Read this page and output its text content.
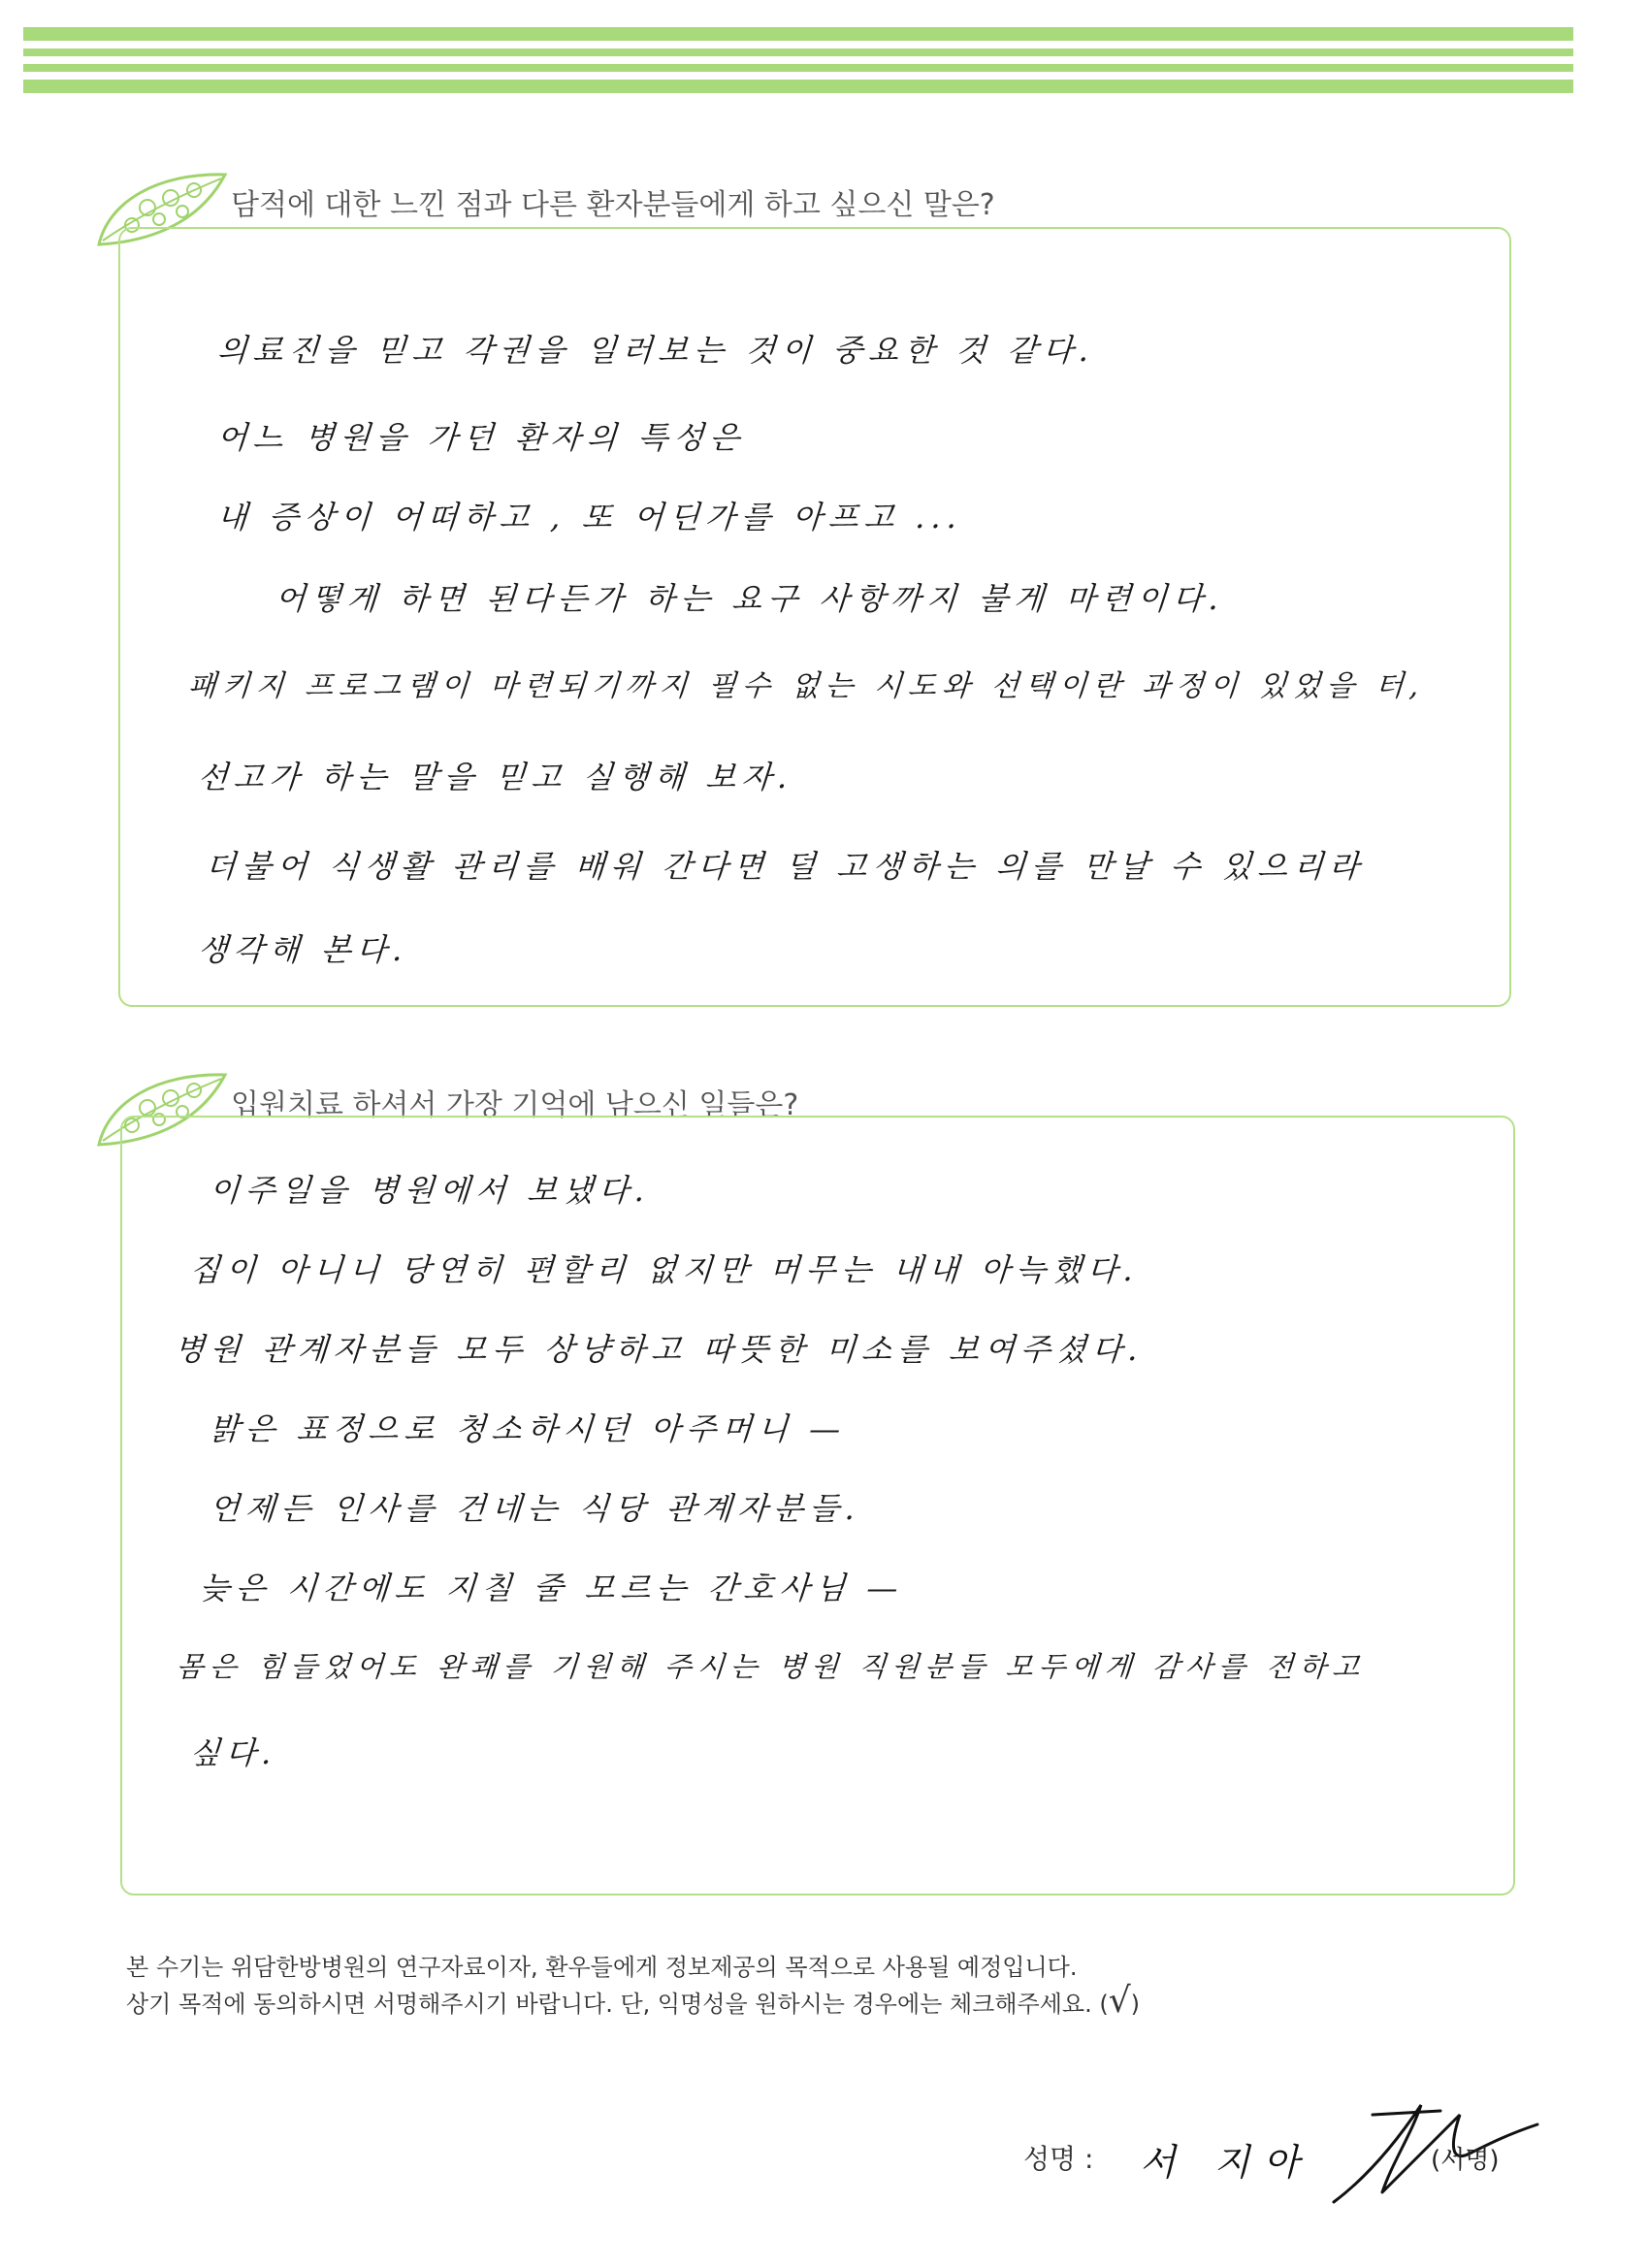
담적에 대한 느낀 점과 다른 환자분들에게 하고 싶으신 말은?
의료진을 믿고 각권을 일러보는 것이 중요한 것 같다.
어느 병원을 가던 환자의 특성은
내 증상이 어떠하고 , 또 어딘가를 아프고 ...
어떻게 하면 된다든가 하는 요구 사항까지 불게 마련이다.
패키지 프로그램이 마련되기까지 필수 없는 시도와 선택이란 과정이 있었을 터,
선고가 하는 말을 믿고 실행해 보자.
더불어 식생활 관리를 배워 간다면 덜 고생하는 의를 만날 수 있으리라
생각해 본다.
입원치료 하셔서 가장 기억에 남으신 일들은?
이주일을 병원에서 보냈다.
집이 아니니 당연히 편할리 없지만 머무는 내내 아늑했다.
병원 관계자분들 모두 상냥하고 따뜻한 미소를 보여주셨다.
밝은 표정으로 청소하시던 아주머니 —
언제든 인사를 건네는 식당 관계자분들.
늦은 시간에도 지칠 줄 모르는 간호사님 —
몸은 힘들었어도 완쾌를 기원해 주시는 병원 직원분들 모두에게 감사를 전하고
싶다.
본 수기는 위담한방병원의 연구자료이자, 환우들에게 정보제공의 목적으로 사용될 예정입니다.
상기 목적에 동의하시면 서명해주시기 바랍니다. 단, 익명성을 원하시는 경우에는 체크해주세요. (√)
성명 : 서 지아	(서명)
